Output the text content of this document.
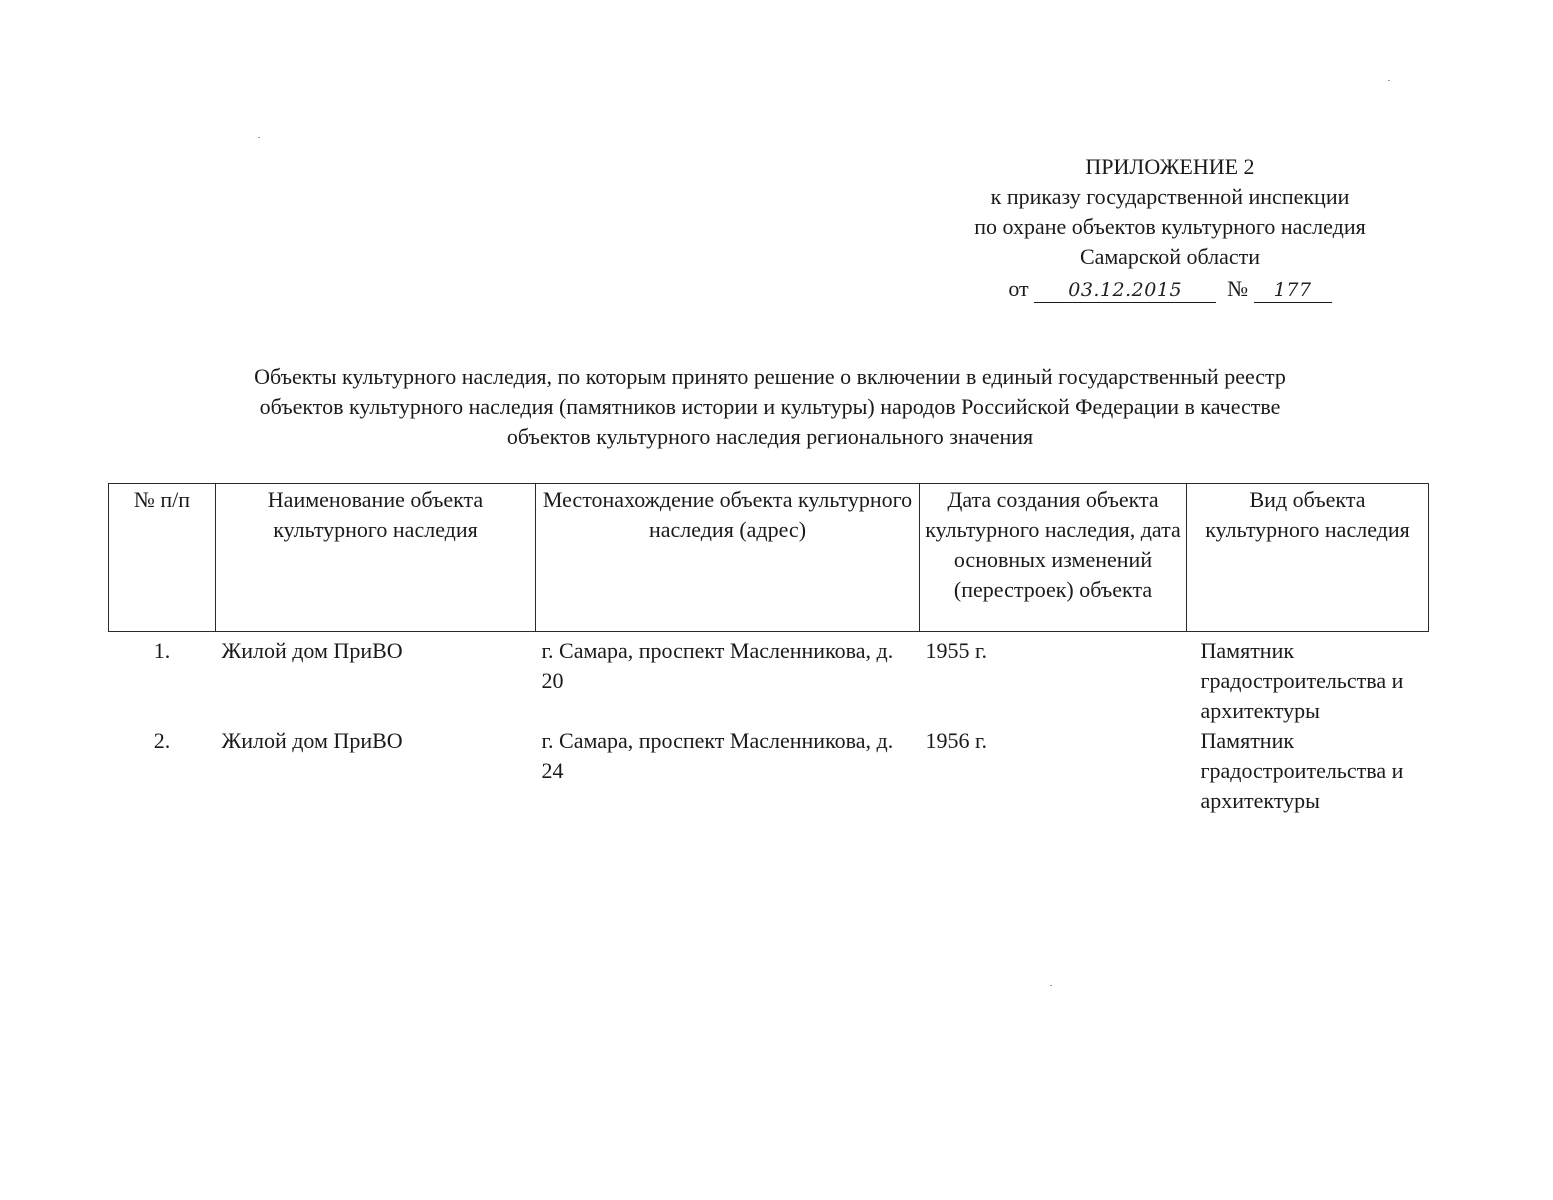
ПРИЛОЖЕНИЕ 2
к приказу государственной инспекции
по охране объектов культурного наследия
Самарской области
от 03.12.2015 № 177
Объекты культурного наследия, по которым принято решение о включении в единый государственный реестр
объектов культурного наследия (памятников истории и культуры) народов Российской Федерации в качестве
объектов культурного наследия регионального значения
№ п/п	Наименование объекта культурного наследия	Местонахождение объекта культурного наследия (адрес)	Дата создания объекта культурного наследия, дата основных изменений (перестроек) объекта	Вид объекта культурного наследия
1.	Жилой дом ПриВО	г. Самара, проспект Масленникова, д. 20	1955 г.	Памятник градостроительства и архитектуры
2.	Жилой дом ПриВО	г. Самара, проспект Масленникова, д. 24	1956 г.	Памятник градостроительства и архитектуры
